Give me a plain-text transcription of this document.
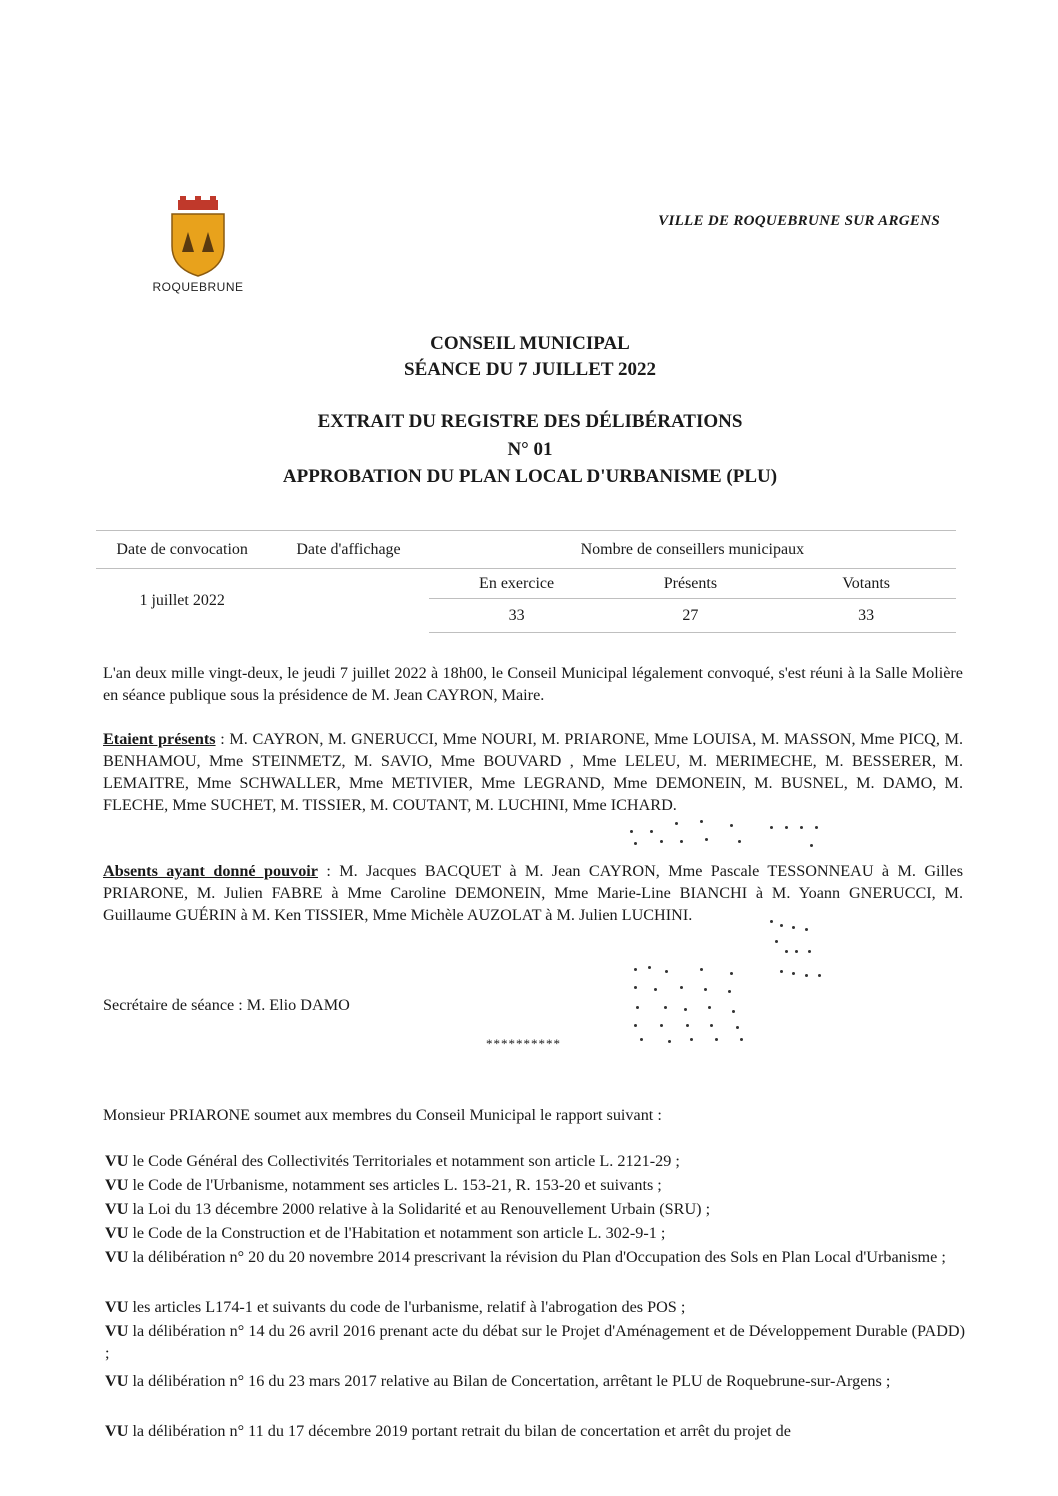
ROQUEBRUNE
VILLE DE ROQUEBRUNE SUR ARGENS
CONSEIL MUNICIPAL
SÉANCE DU 7 JUILLET 2022
EXTRAIT DU REGISTRE DES DÉLIBÉRATIONS
N° 01
APPROBATION DU PLAN LOCAL D'URBANISME (PLU)
Date de convocation	Date d'affichage	Nombre de conseillers municipaux		
1 juillet 2022		En exercice	Présents	Votants
		33	27	33

L'an deux mille vingt-deux, le jeudi 7 juillet 2022 à 18h00, le Conseil Municipal légalement convoqué, s'est réuni à la Salle Molière en séance publique sous la présidence de M. Jean CAYRON, Maire.

Etaient présents : M. CAYRON, M. GNERUCCI, Mme NOURI, M. PRIARONE, Mme LOUISA, M. MASSON, Mme PICQ, M. BENHAMOU, Mme STEINMETZ, M. SAVIO, Mme BOUVARD , Mme LELEU, M. MERIMECHE, M. BESSERER, M. LEMAITRE, Mme SCHWALLER, Mme METIVIER, Mme LEGRAND, Mme DEMONEIN, M. BUSNEL, M. DAMO, M. FLECHE, Mme SUCHET, M. TISSIER, M. COUTANT, M. LUCHINI, Mme ICHARD.

Absents ayant donné pouvoir : M. Jacques BACQUET à M. Jean CAYRON, Mme Pascale TESSONNEAU à M. Gilles PRIARONE, M. Julien FABRE à Mme Caroline DEMONEIN, Mme Marie-Line BIANCHI à M. Yoann GNERUCCI, M. Guillaume GUÉRIN à M. Ken TISSIER, Mme Michèle AUZOLAT à M. Julien LUCHINI.

Secrétaire de séance : M. Elio DAMO

**********

Monsieur PRIARONE soumet aux membres du Conseil Municipal le rapport suivant :

VU le Code Général des Collectivités Territoriales et notamment son article L. 2121-29 ;

VU le Code de l'Urbanisme, notamment ses articles L. 153-21, R. 153-20 et suivants ;

VU la Loi du 13 décembre 2000 relative à la Solidarité et au Renouvellement Urbain (SRU) ;

VU le Code de la Construction et de l'Habitation et notamment son article L. 302-9-1 ;

VU la délibération n° 20 du 20 novembre 2014 prescrivant la révision du Plan d'Occupation des Sols en Plan Local d'Urbanisme ;

VU les articles L174-1 et suivants du code de l'urbanisme, relatif à l'abrogation des POS ;

VU la délibération n° 14 du 26 avril 2016 prenant acte du débat sur le Projet d'Aménagement et de Développement Durable (PADD) ;

VU la délibération n° 16 du 23 mars 2017 relative au Bilan de Concertation, arrêtant le PLU de Roquebrune-sur-Argens ;

VU la délibération n° 11 du 17 décembre 2019 portant retrait du bilan de concertation et arrêt du projet de
